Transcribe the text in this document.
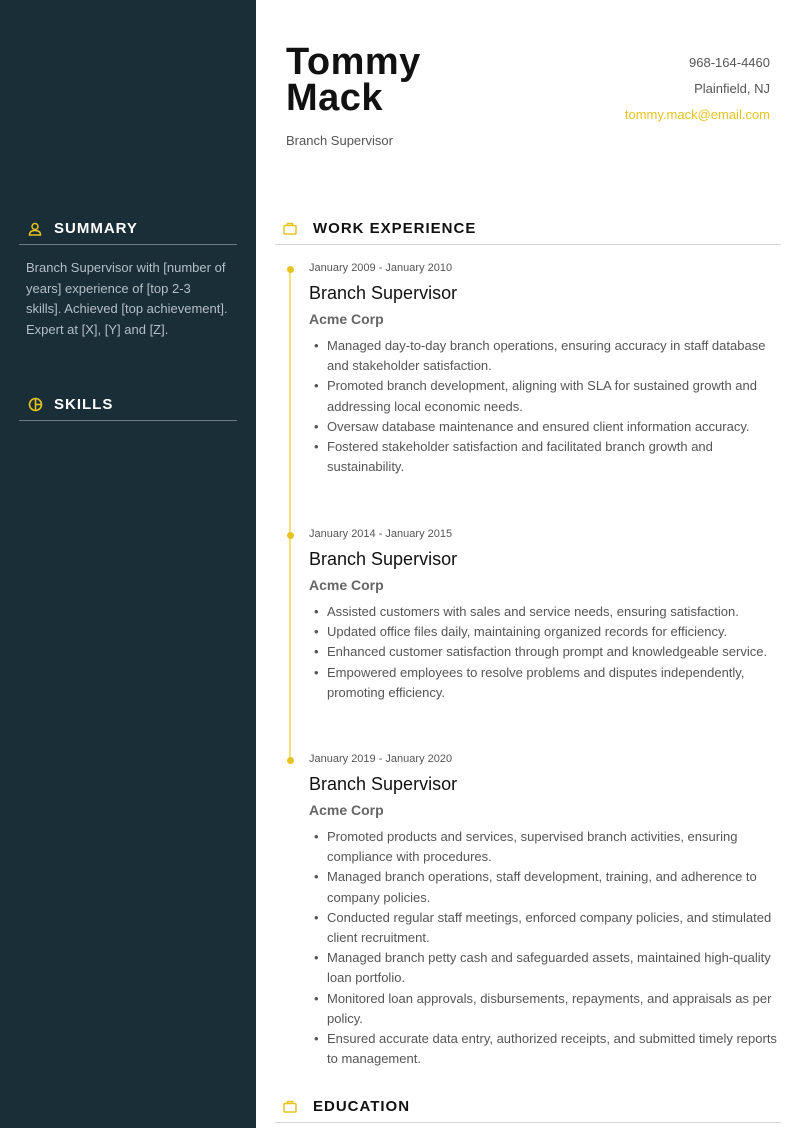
SUMMARY

Branch Supervisor with [number of years] experience of [top 2-3 skills]. Achieved [top achievement]. Expert at [X], [Y] and [Z].

SKILLS
Tommy
Mack
Branch Supervisor
968-164-4460
Plainfield, NJ
tommy.mack@email.com
WORK EXPERIENCE
January 2009 - January 2010
Branch Supervisor
Acme Corp
• Managed day-to-day branch operations, ensuring accuracy in staff database and stakeholder satisfaction.
• Promoted branch development, aligning with SLA for sustained growth and addressing local economic needs.
• Oversaw database maintenance and ensured client information accuracy.
• Fostered stakeholder satisfaction and facilitated branch growth and sustainability.
January 2014 - January 2015
Branch Supervisor
Acme Corp
• Assisted customers with sales and service needs, ensuring satisfaction.
• Updated office files daily, maintaining organized records for efficiency.
• Enhanced customer satisfaction through prompt and knowledgeable service.
• Empowered employees to resolve problems and disputes independently, promoting efficiency.
January 2019 - January 2020
Branch Supervisor
Acme Corp
• Promoted products and services, supervised branch activities, ensuring compliance with procedures.
• Managed branch operations, staff development, training, and adherence to company policies.
• Conducted regular staff meetings, enforced company policies, and stimulated client recruitment.
• Managed branch petty cash and safeguarded assets, maintained high-quality loan portfolio.
• Monitored loan approvals, disbursements, repayments, and appraisals as per policy.
• Ensured accurate data entry, authorized receipts, and submitted timely reports to management.
EDUCATION
